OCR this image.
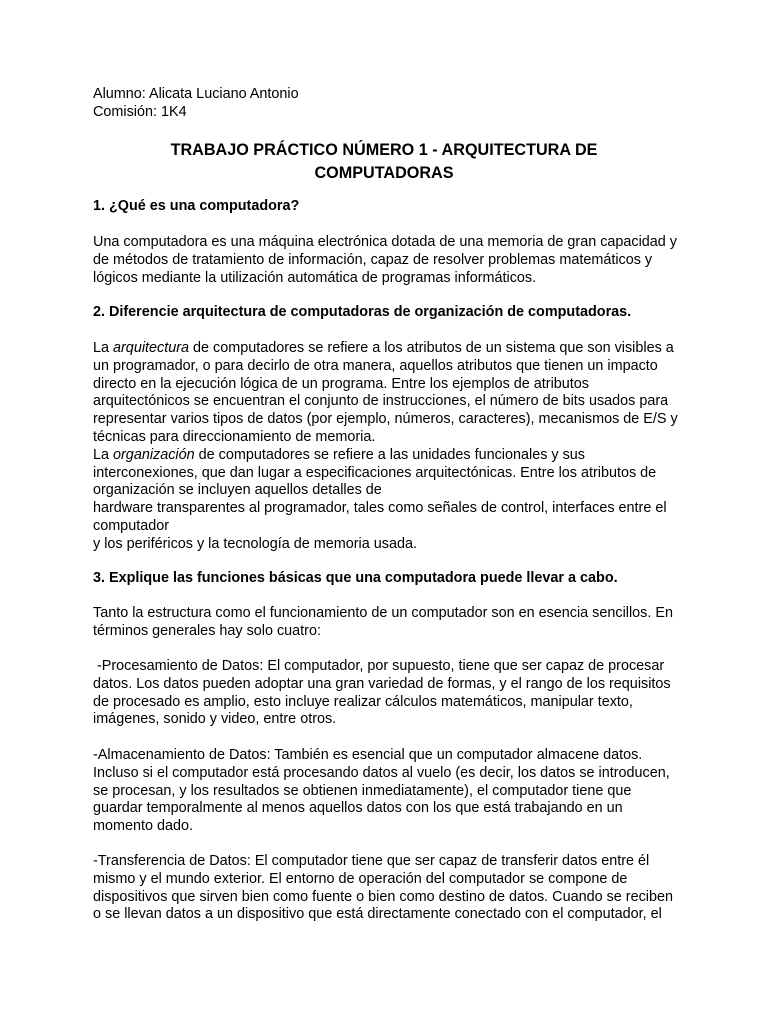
Alumno: Alicata Luciano Antonio
Comisión: 1K4
TRABAJO PRÁCTICO NÚMERO 1 - ARQUITECTURA DE
COMPUTADORAS
1. ¿Qué es una computadora?
Una computadora es una máquina electrónica dotada de una memoria de gran capacidad y
de métodos de tratamiento de información, capaz de resolver problemas matemáticos y
lógicos mediante la utilización automática de programas informáticos.
2. Diferencie arquitectura de computadoras de organización de computadoras.
La arquitectura de computadores se refiere a los atributos de un sistema que son visibles a
un programador, o para decirlo de otra manera, aquellos atributos que tienen un impacto
directo en la ejecución lógica de un programa. Entre los ejemplos de atributos
arquitectónicos se encuentran el conjunto de instrucciones, el número de bits usados para
representar varios tipos de datos (por ejemplo, números, caracteres), mecanismos de E/S y
técnicas para direccionamiento de memoria.
La organización de computadores se refiere a las unidades funcionales y sus
interconexiones, que dan lugar a especificaciones arquitectónicas. Entre los atributos de
organización se incluyen aquellos detalles de
hardware transparentes al programador, tales como señales de control, interfaces entre el
computador
y los periféricos y la tecnología de memoria usada.
3. Explique las funciones básicas que una computadora puede llevar a cabo.
Tanto la estructura como el funcionamiento de un computador son en esencia sencillos. En
términos generales hay solo cuatro:
-Procesamiento de Datos: El computador, por supuesto, tiene que ser capaz de procesar
datos. Los datos pueden adoptar una gran variedad de formas, y el rango de los requisitos
de procesado es amplio, esto incluye realizar cálculos matemáticos, manipular texto,
imágenes, sonido y video, entre otros.
-Almacenamiento de Datos: También es esencial que un computador almacene datos.
Incluso si el computador está procesando datos al vuelo (es decir, los datos se introducen,
se procesan, y los resultados se obtienen inmediatamente), el computador tiene que
guardar temporalmente al menos aquellos datos con los que está trabajando en un
momento dado.
-Transferencia de Datos: El computador tiene que ser capaz de transferir datos entre él
mismo y el mundo exterior. El entorno de operación del computador se compone de
dispositivos que sirven bien como fuente o bien como destino de datos. Cuando se reciben
o se llevan datos a un dispositivo que está directamente conectado con el computador, el
